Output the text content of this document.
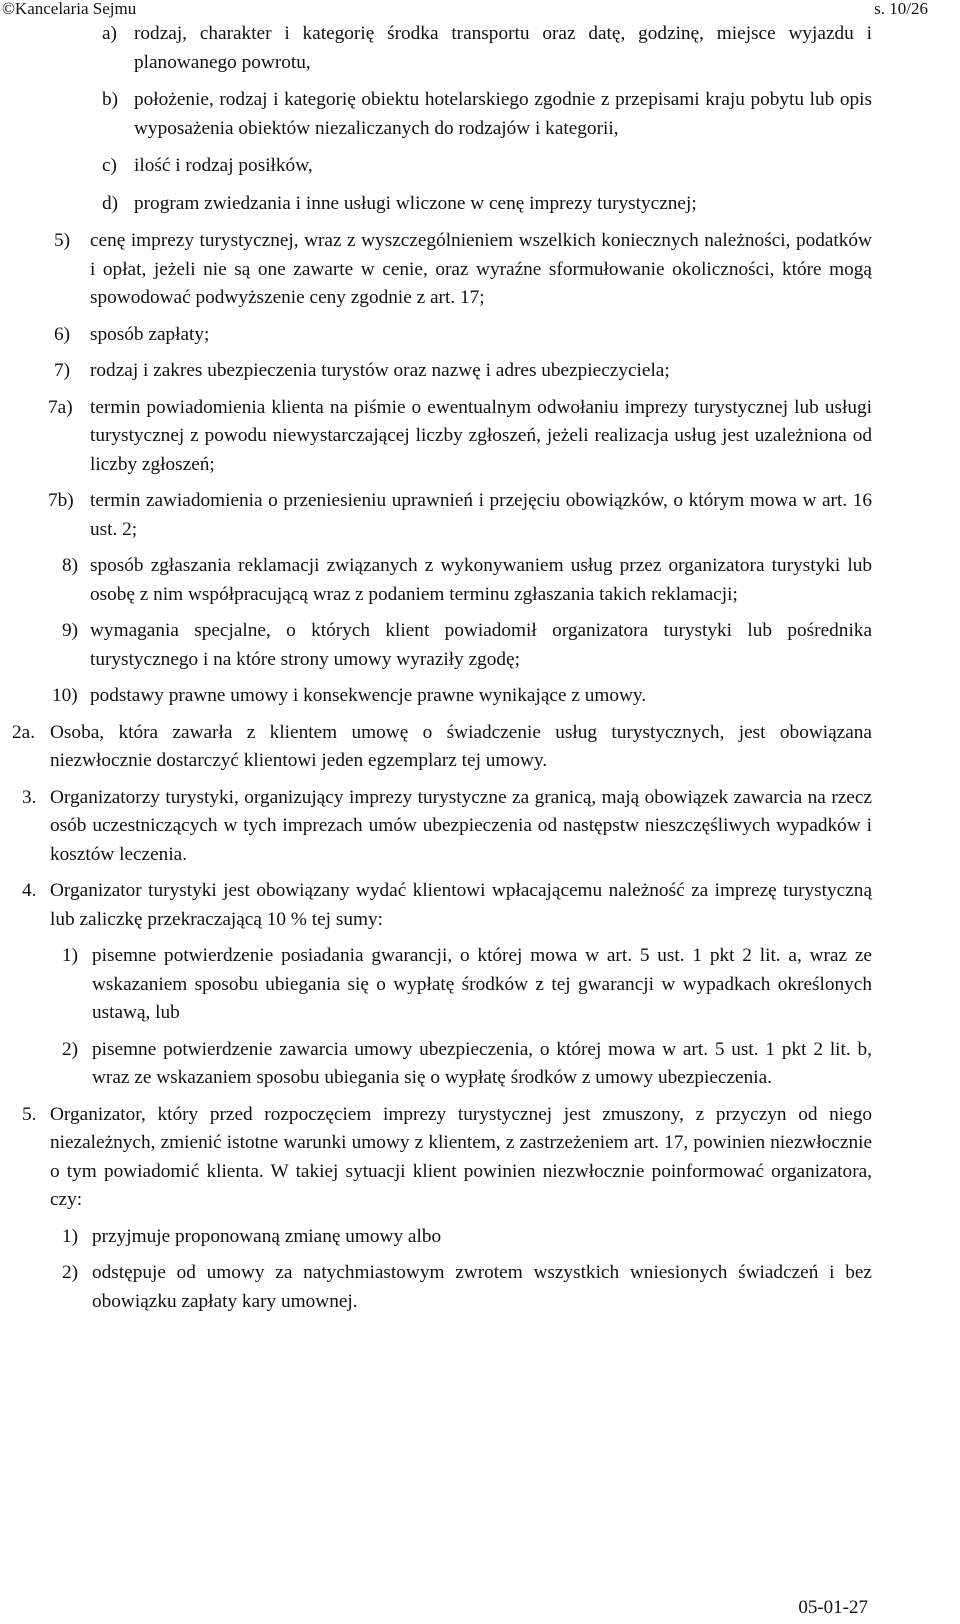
©Kancelaria Sejmu	s. 10/26
a) rodzaj, charakter i kategorię środka transportu oraz datę, godzinę, miejsce wyjazdu i planowanego powrotu,
b) położenie, rodzaj i kategorię obiektu hotelarskiego zgodnie z przepisami kraju pobytu lub opis wyposażenia obiektów niezaliczanych do rodzajów i kategorii,
c) ilość i rodzaj posiłków,
d) program zwiedzania i inne usługi wliczone w cenę imprezy turystycznej;
5)	cenę imprezy turystycznej, wraz z wyszczególnieniem wszelkich koniecznych należności, podatków i opłat, jeżeli nie są one zawarte w cenie, oraz wyraźne sformułowanie okoliczności, które mogą spowodować podwyższenie ceny zgodnie z art. 17;
6)	sposób zapłaty;
7)	rodzaj i zakres ubezpieczenia turystów oraz nazwę i adres ubezpieczyciela;
7a) termin powiadomienia klienta na piśmie o ewentualnym odwołaniu imprezy turystycznej lub usługi turystycznej z powodu niewystarczającej liczby zgłoszeń, jeżeli realizacja usług jest uzależniona od liczby zgłoszeń;
7b) termin zawiadomienia o przeniesieniu uprawnień i przejęciu obowiązków, o którym mowa w art. 16 ust. 2;
8) sposób zgłaszania reklamacji związanych z wykonywaniem usług przez organizatora turystyki lub osobę z nim współpracującą wraz z podaniem terminu zgłaszania takich reklamacji;
9) wymagania specjalne, o których klient powiadomił organizatora turystyki lub pośrednika turystycznego i na które strony umowy wyraziły zgodę;
10) podstawy prawne umowy i konsekwencje prawne wynikające z umowy.
2a. Osoba, która zawarła z klientem umowę o świadczenie usług turystycznych, jest obowiązana niezwłocznie dostarczyć klientowi jeden egzemplarz tej umowy.
3. Organizatorzy turystyki, organizujący imprezy turystyczne za granicą, mają obowiązek zawarcia na rzecz osób uczestniczących w tych imprezach umów ubezpieczenia od następstw nieszczęśliwych wypadków i kosztów leczenia.
4. Organizator turystyki jest obowiązany wydać klientowi wpłacającemu należność za imprezę turystyczną lub zaliczkę przekraczającą 10 % tej sumy:
1) pisemne potwierdzenie posiadania gwarancji, o której mowa w art. 5 ust. 1 pkt 2 lit. a, wraz ze wskazaniem sposobu ubiegania się o wypłatę środków z tej gwarancji w wypadkach określonych ustawą, lub
2) pisemne potwierdzenie zawarcia umowy ubezpieczenia, o której mowa w art. 5 ust. 1 pkt 2 lit. b, wraz ze wskazaniem sposobu ubiegania się o wypłatę środków z umowy ubezpieczenia.
5. Organizator, który przed rozpoczęciem imprezy turystycznej jest zmuszony, z przyczyn od niego niezależnych, zmienić istotne warunki umowy z klientem, z zastrzeżeniem art. 17, powinien niezwłocznie o tym powiadomić klienta. W takiej sytuacji klient powinien niezwłocznie poinformować organizatora, czy:
1) przyjmuje proponowaną zmianę umowy albo
2) odstępuje od umowy za natychmiastowym zwrotem wszystkich wniesionych świadczeń i bez obowiązku zapłaty kary umownej.
05-01-27
